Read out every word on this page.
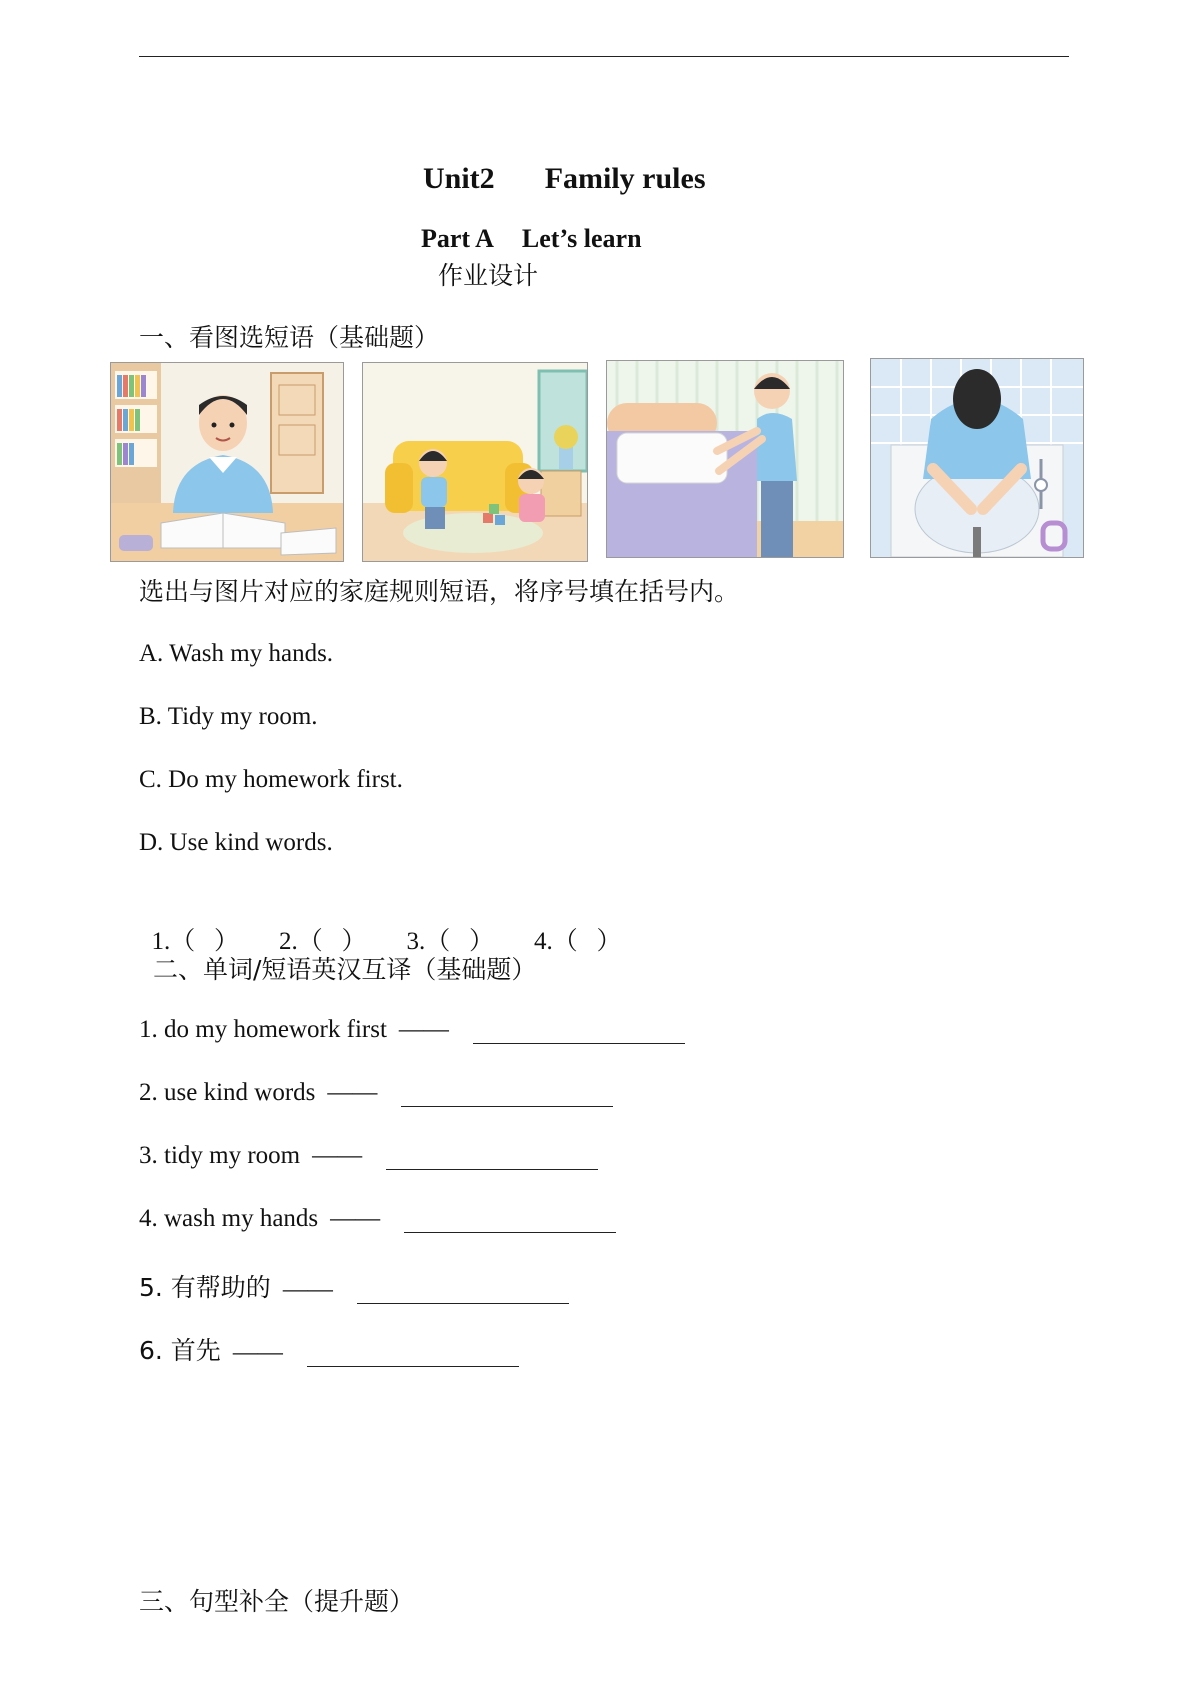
Unit2 Family rules

Part A Let’s learn

作业设计
一、看图选短语（基础题）
选出与图片对应的家庭规则短语，将序号填在括号内。
A. Wash my hands.
B. Tidy my room.
C. Do my homework first.
D. Use kind words.

1.（   ） 2.（   ） 3.（   ） 4.（   ）

二、单词/短语英汉互译（基础题）
1. do my homework first ——
2. use kind words ——
3. tidy my room ——
4. wash my hands ——
5. 有帮助的 ——
6. 首先 ——
三、句型补全（提升题）
